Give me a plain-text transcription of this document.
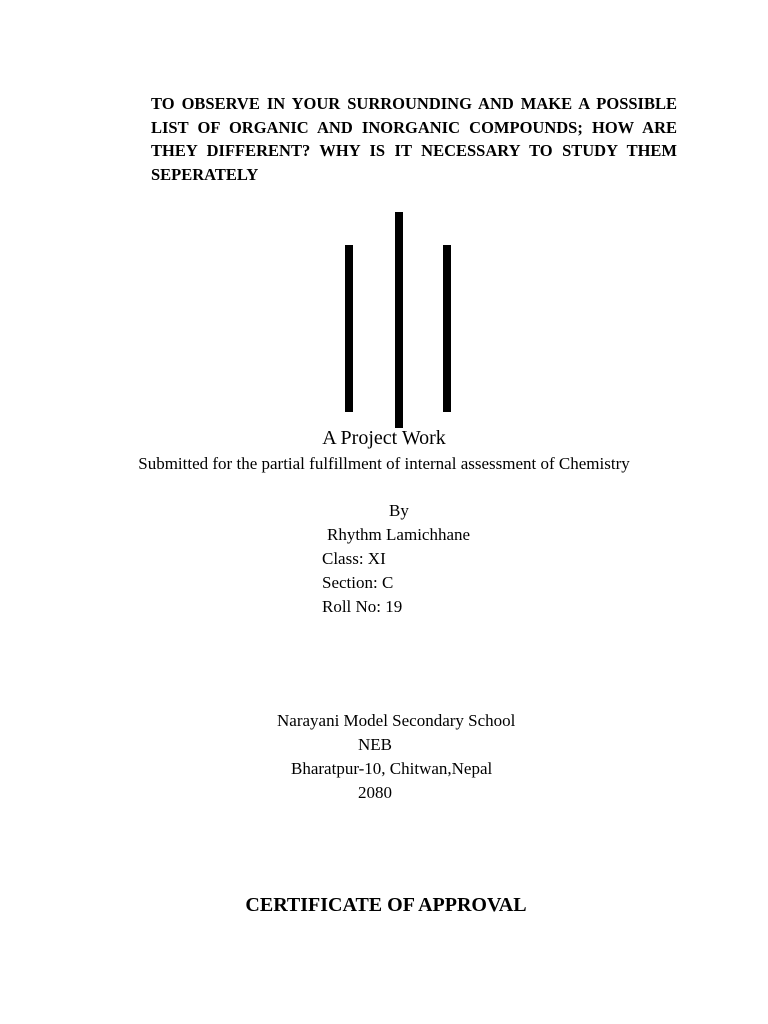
TO OBSERVE IN YOUR SURROUNDING AND MAKE A POSSIBLE LIST OF ORGANIC AND INORGANIC COMPOUNDS; HOW ARE THEY DIFFERENT? WHY IS IT NECESSARY TO STUDY THEM SEPERATELY

A Project Work

Submitted for the partial fulfillment of internal assessment of Chemistry

By

Rhythm Lamichhane

Class: XI

Section: C

Roll No: 19

Narayani Model Secondary School

NEB

Bharatpur-10, Chitwan,Nepal

2080

CERTIFICATE OF APPROVAL
